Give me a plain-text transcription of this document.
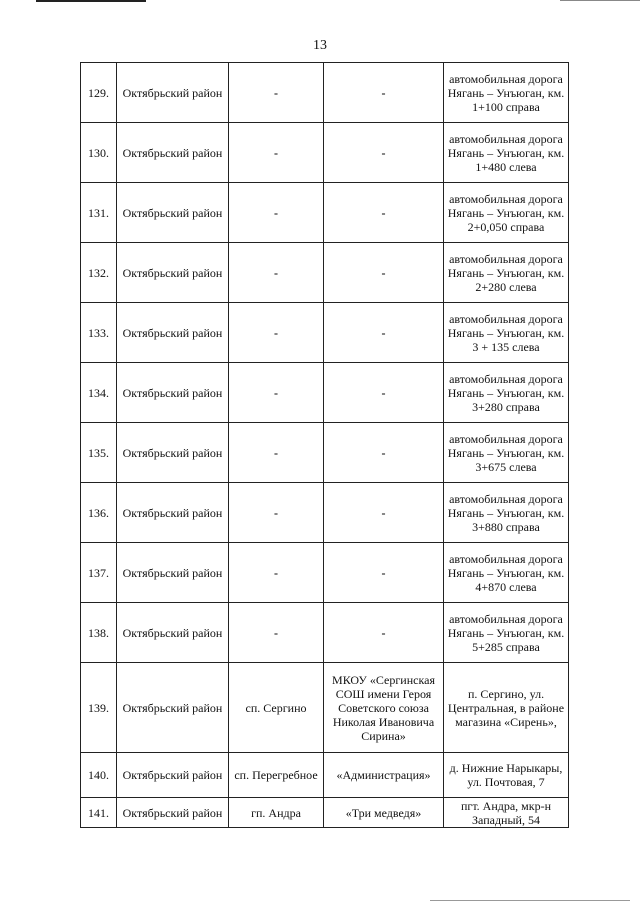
13
129.	Октябрьский район	-	-	автомобильная дорога Нягань – Унъюган, км. 1+100 справа
130.	Октябрьский район	-	-	автомобильная дорога Нягань – Унъюган, км. 1+480 слева
131.	Октябрьский район	-	-	автомобильная дорога Нягань – Унъюган, км. 2+0,050 справа
132.	Октябрьский район	-	-	автомобильная дорога Нягань – Унъюган, км. 2+280 слева
133.	Октябрьский район	-	-	автомобильная дорога Нягань – Унъюган, км. 3 + 135 слева
134.	Октябрьский район	-	-	автомобильная дорога Нягань – Унъюган, км. 3+280 справа
135.	Октябрьский район	-	-	автомобильная дорога Нягань – Унъюган, км. 3+675 слева
136.	Октябрьский район	-	-	автомобильная дорога Нягань – Унъюган, км. 3+880 справа
137.	Октябрьский район	-	-	автомобильная дорога Нягань – Унъюган, км. 4+870 слева
138.	Октябрьский район	-	-	автомобильная дорога Нягань – Унъюган, км. 5+285 справа
139.	Октябрьский район	сп. Сергино	МКОУ «Сергинская СОШ имени Героя Советского союза Николая Ивановича Сирина»	п. Сергино, ул. Центральная, в районе магазина «Сирень»,
140.	Октябрьский район	сп. Перегребное	«Администрация»	д. Нижние Нарыкары, ул. Почтовая, 7
141.	Октябрьский район	гп. Андра	«Три медведя»	пгт. Андра, мкр-н Западный, 54
